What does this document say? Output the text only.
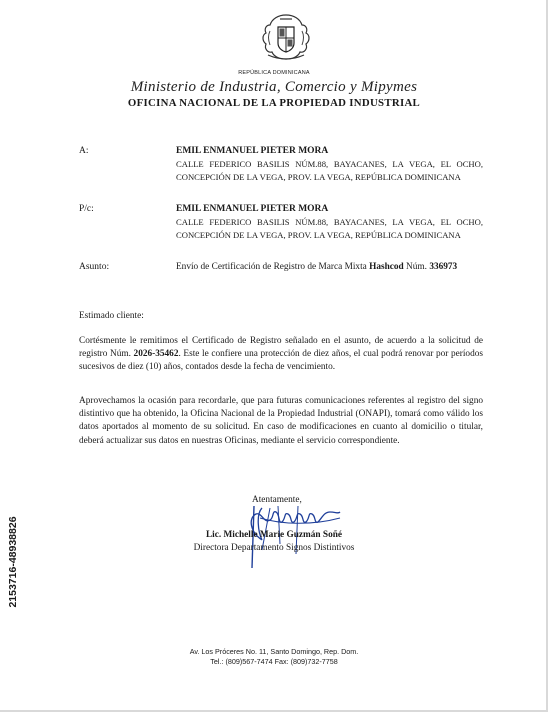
REPÚBLICA DOMINICANA
Ministerio de Industria, Comercio y Mipymes
OFICINA NACIONAL DE LA PROPIEDAD INDUSTRIAL
A:	EMIL ENMANUEL PIETER MORA
CALLE FEDERICO BASILIS NÚM.88, BAYACANES, LA VEGA, EL OCHO, CONCEPCIÓN DE LA VEGA, PROV. LA VEGA, REPÚBLICA DOMINICANA
P/c:	EMIL ENMANUEL PIETER MORA
CALLE FEDERICO BASILIS NÚM.88, BAYACANES, LA VEGA, EL OCHO, CONCEPCIÓN DE LA VEGA, PROV. LA VEGA, REPÚBLICA DOMINICANA
Asunto:	Envío de Certificación de Registro de Marca Mixta Hashcod Núm. 336973
Estimado cliente:
Cortésmente le remitimos el Certificado de Registro señalado en el asunto, de acuerdo a la solicitud de registro Núm. 2026-35462. Este le confiere una protección de diez años, el cual podrá renovar por períodos sucesivos de diez (10) años, contados desde la fecha de vencimiento.
Aprovechamos la ocasión para recordarle, que para futuras comunicaciones referentes al registro del signo distintivo que ha obtenido, la Oficina Nacional de la Propiedad Industrial (ONAPI), tomará como válido los datos aportados al momento de su solicitud. En caso de modificaciones en cuanto al domicilio o titular, deberá actualizar sus datos en nuestras Oficinas, mediante el servicio correspondiente.
Atentamente,
Lic. Michelle Marie Guzmán Soñé
Directora Departamento Signos Distintivos
2153716-48938826
Av. Los Próceres No. 11, Santo Domingo, Rep. Dom.
Tel.: (809)567-7474 Fax: (809)732-7758
